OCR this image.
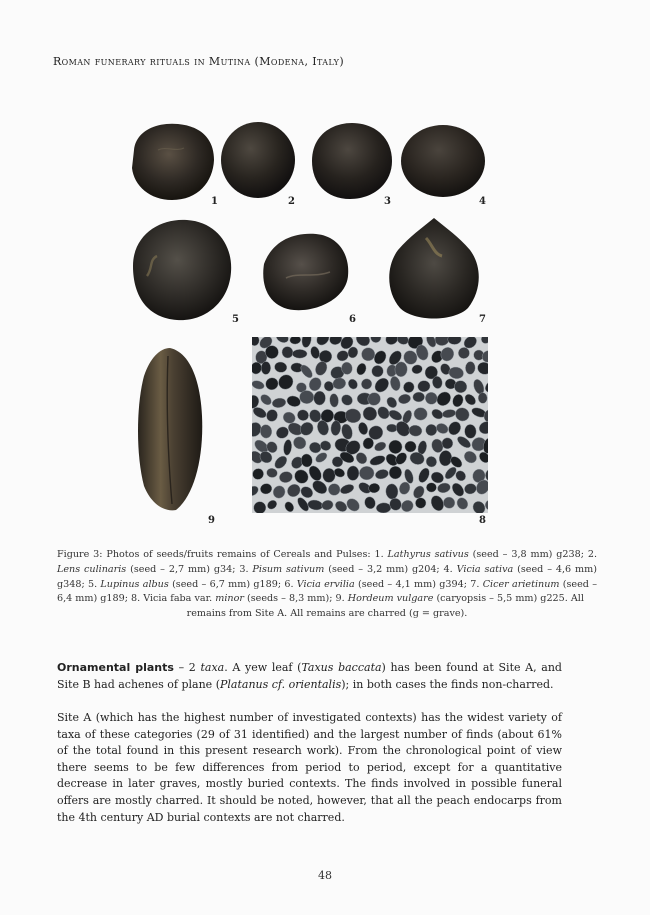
Roman funerary rituals in Mutina (Modena, Italy)
1	2	3	4
5	6	7
9	8
Figure 3: Photos of seeds/fruits remains of Cereals and Pulses: 1. Lathyrus sativus (seed – 3,8 mm) g238; 2. Lens culinaris (seed – 2,7 mm) g34; 3. Pisum sativum (seed – 3,2 mm) g204; 4. Vicia sativa (seed – 4,6 mm) g348; 5. Lupinus albus (seed – 6,7 mm) g189; 6. Vicia ervilia (seed – 4,1 mm) g394; 7. Cicer arietinum (seed – 6,4 mm) g189; 8. Vicia faba var. minor (seeds – 8,3 mm); 9. Hordeum vulgare (caryopsis – 5,5 mm) g225. All
remains from Site A. All remains are charred (g = grave).
Ornamental plants – 2 taxa. A yew leaf (Taxus baccata) has been found at Site A, and Site B had achenes of plane (Platanus cf. orientalis); in both cases the finds non-charred.
Site A (which has the highest number of investigated contexts) has the widest variety of taxa of these categories (29 of 31 identified) and the largest number of finds (about 61% of the total found in this present research work). From the chronological point of view there seems to be few differences from period to period, except for a quantitative decrease in later graves, mostly buried contexts. The finds involved in possible funeral offers are mostly charred. It should be noted, however, that all the peach endocarps from the 4th century AD burial contexts are not charred.
48
